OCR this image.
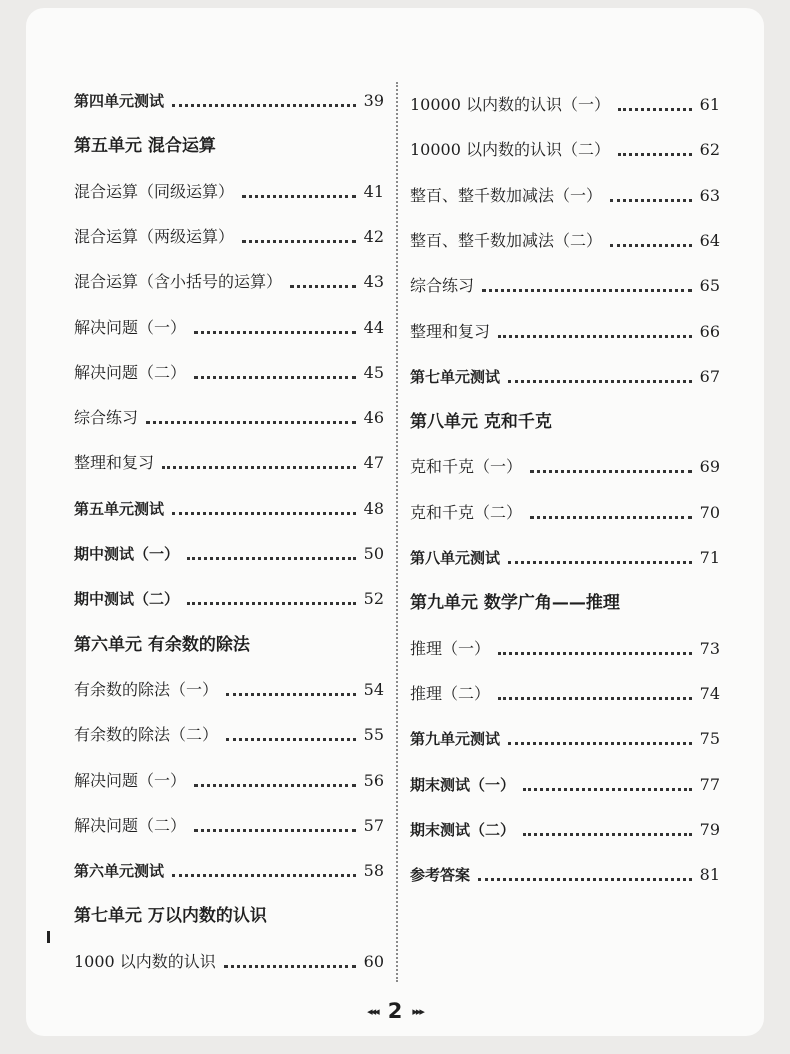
第四单元测试	39
第五单元 混合运算
混合运算（同级运算）	41
混合运算（两级运算）	42
混合运算（含小括号的运算）	43
解决问题（一）	44
解决问题（二）	45
综合练习	46
整理和复习	47
第五单元测试	48
期中测试（一）	50
期中测试（二）	52
第六单元 有余数的除法
有余数的除法（一）	54
有余数的除法（二）	55
解决问题（一）	56
解决问题（二）	57
第六单元测试	58
第七单元 万以内数的认识
1000 以内数的认识	60
10000 以内数的认识（一）	61
10000 以内数的认识（二）	62
整百、整千数加减法（一）	63
整百、整千数加减法（二）	64
综合练习	65
整理和复习	66
第七单元测试	67
第八单元 克和千克
克和千克（一）	69
克和千克（二）	70
第八单元测试	71
第九单元 数学广角——推理
推理（一）	73
推理（二）	74
第九单元测试	75
期末测试（一）	77
期末测试（二）	79
参考答案	81
◂◂◂ 2 ▸▸▸
